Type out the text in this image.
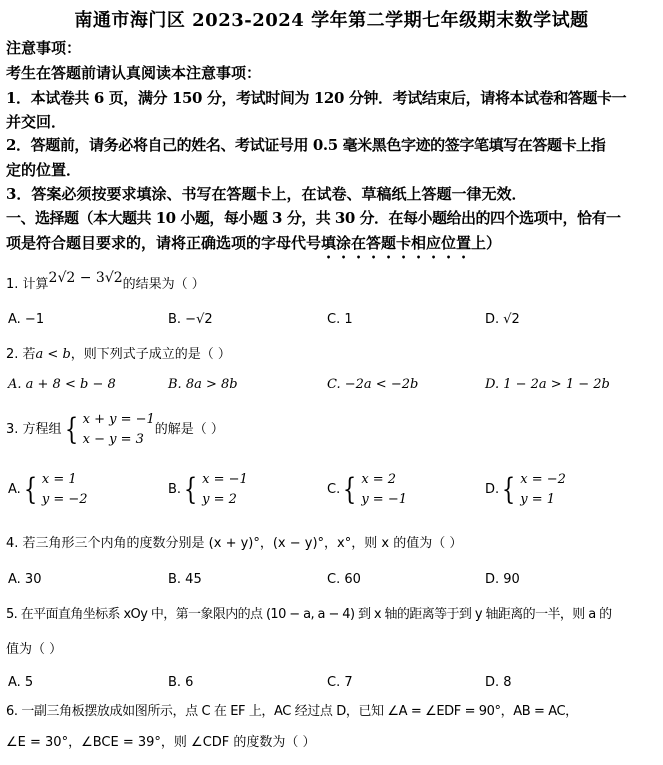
南通市海门区 2023-2024 学年第二学期七年级期末数学试题
注意事项：
考生在答题前请认真阅读本注意事项：
1．本试卷共 6 页，满分 150 分，考试时间为 120 分钟．考试结束后，请将本试卷和答题卡一
并交回．
2．答题前，请务必将自己的姓名、考试证号用 0.5 毫米黑色字迹的签字笔填写在答题卡上指
定的位置．
3．答案必须按要求填涂、书写在答题卡上，在试卷、草稿纸上答题一律无效．
一、选择题（本大题共 10 小题，每小题 3 分，共 30 分．在每小题给出的四个选项中，恰有一
项是符合题目要求的，请将正确选项的字母代号填涂在答题卡相应位置上）
1. 计算2√2 − 3√2的结果为（ ）
A. −1	B. −√2	C. 1	D. √2
2. 若a < b，则下列式子成立的是（ ）
A. a + 8 < b − 8	B. 8a > 8b	C. −2a < −2b	D. 1 − 2a > 1 − 2b
3. 方程组 { x + y = −1
x − y = 3
的解是（ ）
A. { x = 1
y = −2
B. { x = −1
y = 2
C. { x = 2
y = −1
D. { x = −2
y = 1
4. 若三角形三个内角的度数分别是 (x + y)°，(x − y)°，x°，则 x 的值为（ ）
A. 30	B. 45	C. 60	D. 90
5. 在平面直角坐标系 xOy 中，第一象限内的点 (10 − a, a − 4) 到 x 轴的距离等于到 y 轴距离的一半，则 a 的
值为（ ）
A. 5	B. 6	C. 7	D. 8
6. 一副三角板摆放成如图所示，点 C 在 EF 上，AC 经过点 D，已知 ∠A = ∠EDF = 90°，AB = AC，
∠E = 30°，∠BCE = 39°，则 ∠CDF 的度数为（ ）
